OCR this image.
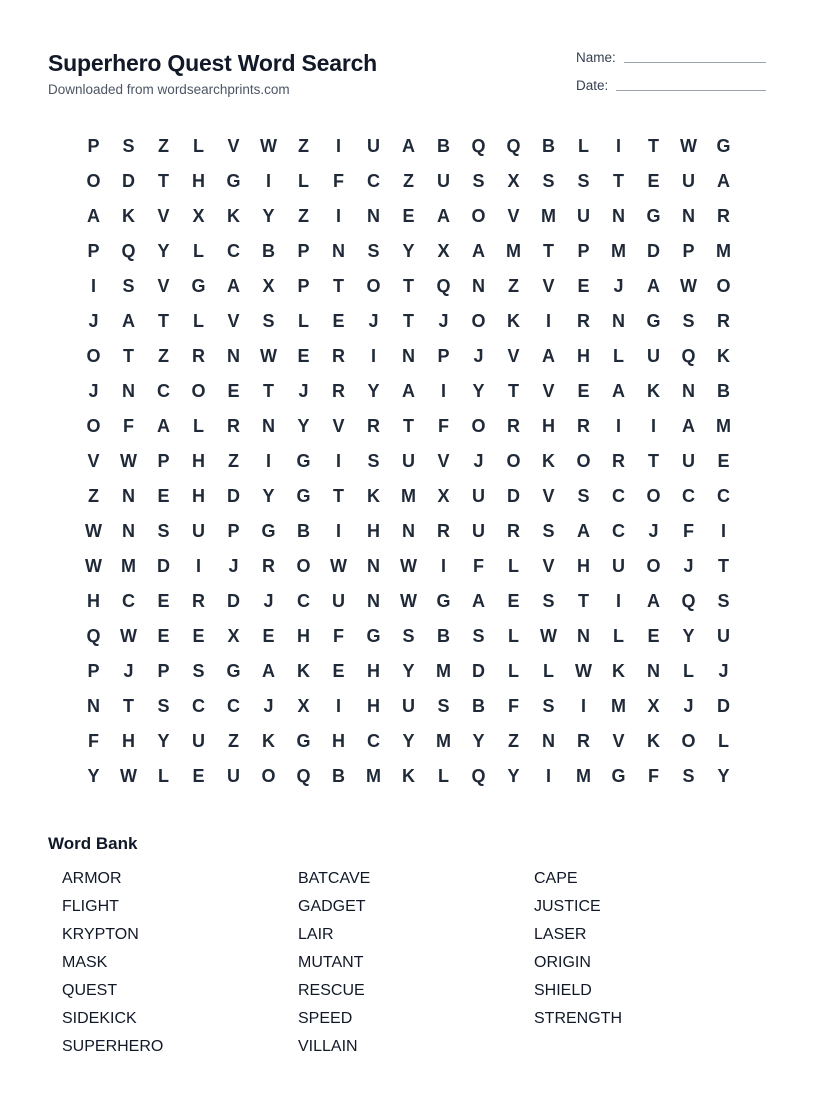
Superhero Quest Word Search
Downloaded from wordsearchprints.com
Name:
Date:
P	S	Z	L	V	W	Z	I	U	A	B	Q	Q	B	L	I	T	W	G
O	D	T	H	G	I	L	F	C	Z	U	S	X	S	S	T	E	U	A
A	K	V	X	K	Y	Z	I	N	E	A	O	V	M	U	N	G	N	R
P	Q	Y	L	C	B	P	N	S	Y	X	A	M	T	P	M	D	P	M
I	S	V	G	A	X	P	T	O	T	Q	N	Z	V	E	J	A	W	O
J	A	T	L	V	S	L	E	J	T	J	O	K	I	R	N	G	S	R
O	T	Z	R	N	W	E	R	I	N	P	J	V	A	H	L	U	Q	K
J	N	C	O	E	T	J	R	Y	A	I	Y	T	V	E	A	K	N	B
O	F	A	L	R	N	Y	V	R	T	F	O	R	H	R	I	I	A	M
V	W	P	H	Z	I	G	I	S	U	V	J	O	K	O	R	T	U	E
Z	N	E	H	D	Y	G	T	K	M	X	U	D	V	S	C	O	C	C
W	N	S	U	P	G	B	I	H	N	R	U	R	S	A	C	J	F	I
W	M	D	I	J	R	O	W	N	W	I	F	L	V	H	U	O	J	T
H	C	E	R	D	J	C	U	N	W	G	A	E	S	T	I	A	Q	S
Q	W	E	E	X	E	H	F	G	S	B	S	L	W	N	L	E	Y	U
P	J	P	S	G	A	K	E	H	Y	M	D	L	L	W	K	N	L	J
N	T	S	C	C	J	X	I	H	U	S	B	F	S	I	M	X	J	D
F	H	Y	U	Z	K	G	H	C	Y	M	Y	Z	N	R	V	K	O	L
Y	W	L	E	U	O	Q	B	M	K	L	Q	Y	I	M	G	F	S	Y
Word Bank
ARMOR	BATCAVE	CAPE
FLIGHT	GADGET	JUSTICE
KRYPTON	LAIR	LASER
MASK	MUTANT	ORIGIN
QUEST	RESCUE	SHIELD
SIDEKICK	SPEED	STRENGTH
SUPERHERO	VILLAIN
